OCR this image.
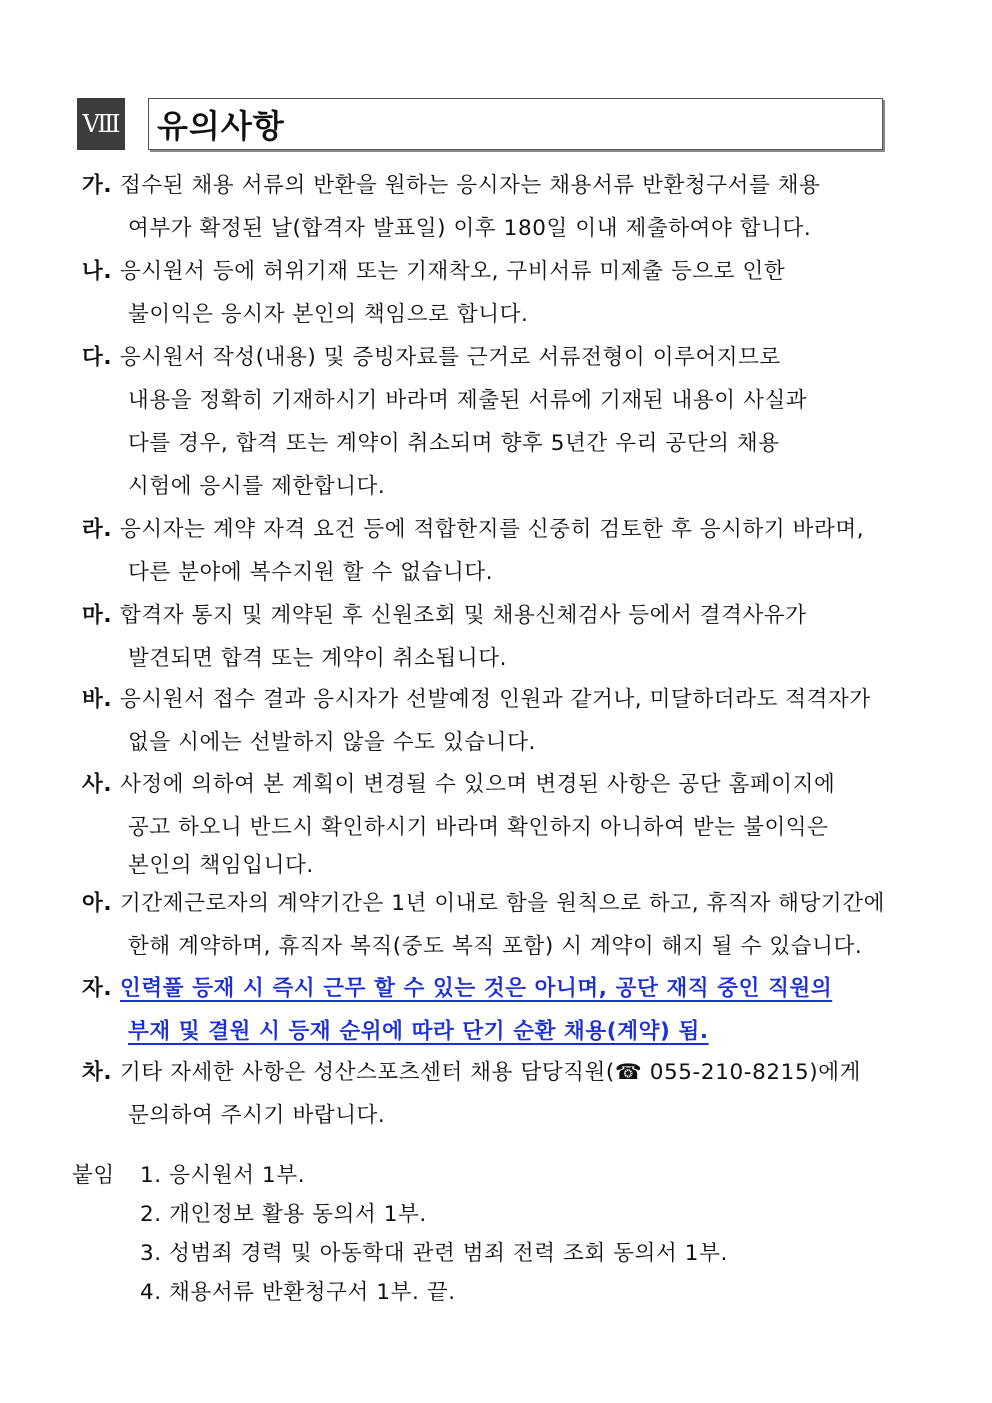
Ⅷ 유의사항
가. 접수된 채용 서류의 반환을 원하는 응시자는 채용서류 반환청구서를 채용
여부가 확정된 날(합격자 발표일) 이후 180일 이내 제출하여야 합니다.
나. 응시원서 등에 허위기재 또는 기재착오, 구비서류 미제출 등으로 인한
불이익은 응시자 본인의 책임으로 합니다.
다. 응시원서 작성(내용) 및 증빙자료를 근거로 서류전형이 이루어지므로
내용을 정확히 기재하시기 바라며 제출된 서류에 기재된 내용이 사실과
다를 경우, 합격 또는 계약이 취소되며 향후 5년간 우리 공단의 채용
시험에 응시를 제한합니다.
라. 응시자는 계약 자격 요건 등에 적합한지를 신중히 검토한 후 응시하기 바라며,
다른 분야에 복수지원 할 수 없습니다.
마. 합격자 통지 및 계약된 후 신원조회 및 채용신체검사 등에서 결격사유가
발견되면 합격 또는 계약이 취소됩니다.
바. 응시원서 접수 결과 응시자가 선발예정 인원과 같거나, 미달하더라도 적격자가
없을 시에는 선발하지 않을 수도 있습니다.
사. 사정에 의하여 본 계획이 변경될 수 있으며 변경된 사항은 공단 홈페이지에
공고 하오니 반드시 확인하시기 바라며 확인하지 아니하여 받는 불이익은
본인의 책임입니다.
아. 기간제근로자의 계약기간은 1년 이내로 함을 원칙으로 하고, 휴직자 해당기간에
한해 계약하며, 휴직자 복직(중도 복직 포함) 시 계약이 해지 될 수 있습니다.
자. 인력풀 등재 시 즉시 근무 할 수 있는 것은 아니며, 공단 재직 중인 직원의
부재 및 결원 시 등재 순위에 따라 단기 순환 채용(계약) 됨.
차. 기타 자세한 사항은 성산스포츠센터 채용 담당직원(☎ 055-210-8215)에게
문의하여 주시기 바랍니다.
붙임 1. 응시원서 1부.
2. 개인정보 활용 동의서 1부.
3. 성범죄 경력 및 아동학대 관련 범죄 전력 조회 동의서 1부.
4. 채용서류 반환청구서 1부. 끝.
